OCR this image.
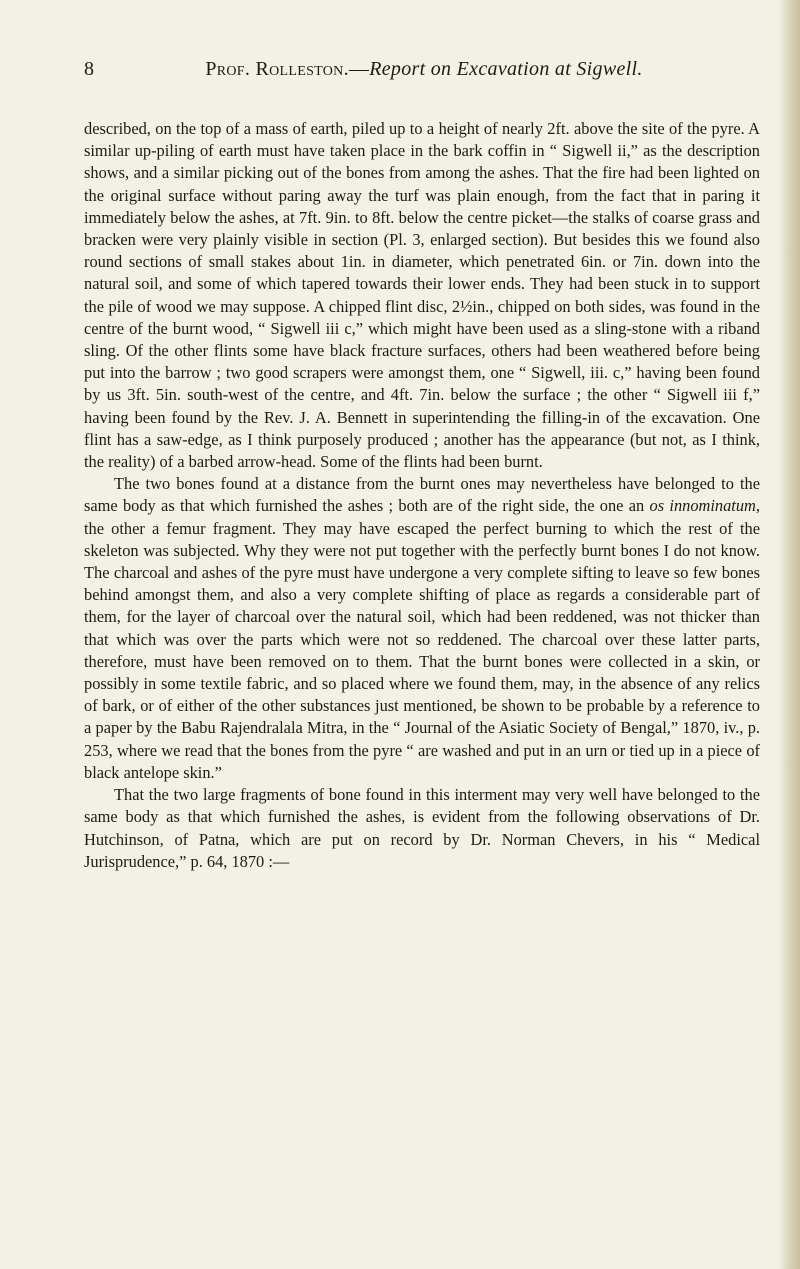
8	Prof. Rolleston.—Report on Excavation at Sigwell.

described, on the top of a mass of earth, piled up to a height of nearly 2ft. above the site of the pyre. A similar up-piling of earth must have taken place in the bark coffin in “ Sigwell ii,” as the description shows, and a similar picking out of the bones from among the ashes. That the fire had been lighted on the original surface without paring away the turf was plain enough, from the fact that in paring it immediately below the ashes, at 7ft. 9in. to 8ft. below the centre picket—the stalks of coarse grass and bracken were very plainly visible in section (Pl. 3, enlarged section). But besides this we found also round sections of small stakes about 1in. in diameter, which penetrated 6in. or 7in. down into the natural soil, and some of which tapered towards their lower ends. They had been stuck in to support the pile of wood we may suppose. A chipped flint disc, 2½in., chipped on both sides, was found in the centre of the burnt wood, “ Sigwell iii c,” which might have been used as a sling-stone with a riband sling. Of the other flints some have black fracture surfaces, others had been weathered before being put into the barrow ; two good scrapers were amongst them, one “ Sigwell, iii. c,” having been found by us 3ft. 5in. south-west of the centre, and 4ft. 7in. below the surface ; the other “ Sigwell iii f,” having been found by the Rev. J. A. Bennett in superintending the filling-in of the excavation. One flint has a saw-edge, as I think purposely produced ; another has the appearance (but not, as I think, the reality) of a barbed arrow-head. Some of the flints had been burnt.

The two bones found at a distance from the burnt ones may nevertheless have belonged to the same body as that which furnished the ashes ; both are of the right side, the one an os innominatum, the other a femur fragment. They may have escaped the perfect burning to which the rest of the skeleton was subjected. Why they were not put together with the perfectly burnt bones I do not know. The charcoal and ashes of the pyre must have undergone a very complete sifting to leave so few bones behind amongst them, and also a very complete shifting of place as regards a considerable part of them, for the layer of charcoal over the natural soil, which had been reddened, was not thicker than that which was over the parts which were not so reddened. The charcoal over these latter parts, therefore, must have been removed on to them. That the burnt bones were collected in a skin, or possibly in some textile fabric, and so placed where we found them, may, in the absence of any relics of bark, or of either of the other substances just mentioned, be shown to be probable by a reference to a paper by the Babu Rajendralala Mitra, in the “ Journal of the Asiatic Society of Bengal,” 1870, iv., p. 253, where we read that the bones from the pyre “ are washed and put in an urn or tied up in a piece of black antelope skin.”

That the two large fragments of bone found in this interment may very well have belonged to the same body as that which furnished the ashes, is evident from the following observations of Dr. Hutchinson, of Patna, which are put on record by Dr. Norman Chevers, in his “ Medical Jurisprudence,” p. 64, 1870 :—
